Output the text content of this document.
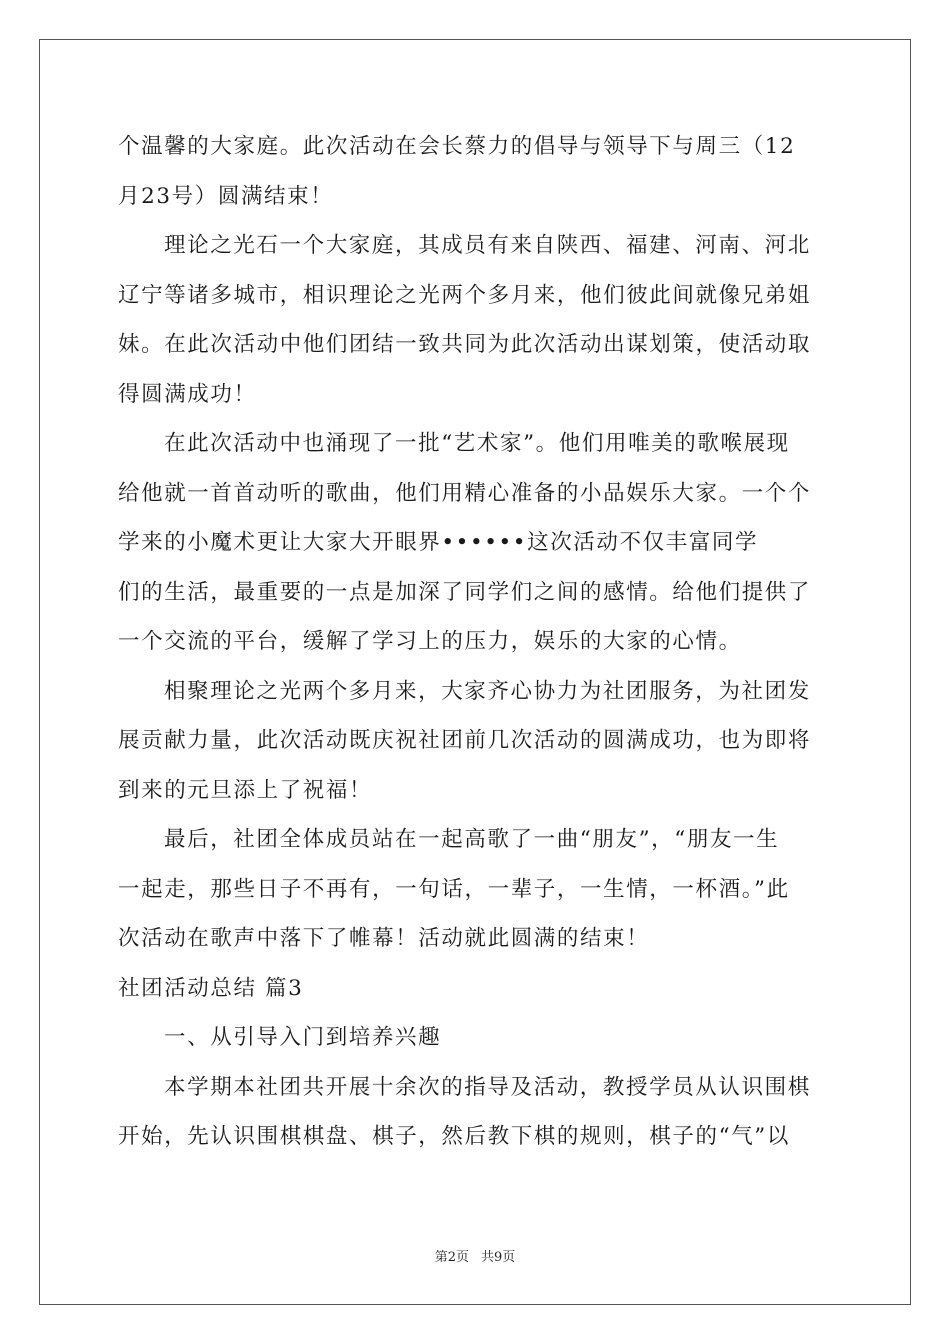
个温馨的大家庭。此次活动在会长蔡力的倡导与领导下与周三（12
月23号）圆满结束！
理论之光石一个大家庭，其成员有来自陕西、福建、河南、河北
辽宁等诸多城市，相识理论之光两个多月来，他们彼此间就像兄弟姐
妹。在此次活动中他们团结一致共同为此次活动出谋划策，使活动取
得圆满成功！
在此次活动中也涌现了一批“艺术家”。他们用唯美的歌喉展现
给他就一首首动听的歌曲，他们用精心准备的小品娱乐大家。一个个
学来的小魔术更让大家大开眼界••••••这次活动不仅丰富同学
们的生活，最重要的一点是加深了同学们之间的感情。给他们提供了
一个交流的平台，缓解了学习上的压力，娱乐的大家的心情。
相聚理论之光两个多月来，大家齐心协力为社团服务，为社团发
展贡献力量，此次活动既庆祝社团前几次活动的圆满成功，也为即将
到来的元旦添上了祝福！
最后，社团全体成员站在一起高歌了一曲“朋友”，“朋友一生
一起走，那些日子不再有，一句话，一辈子，一生情，一杯酒。”此
次活动在歌声中落下了帷幕！活动就此圆满的结束！
社团活动总结 篇3
一、从引导入门到培养兴趣
本学期本社团共开展十余次的指导及活动，教授学员从认识围棋
开始，先认识围棋棋盘、棋子，然后教下棋的规则，棋子的“气”以
第2页 共9页
